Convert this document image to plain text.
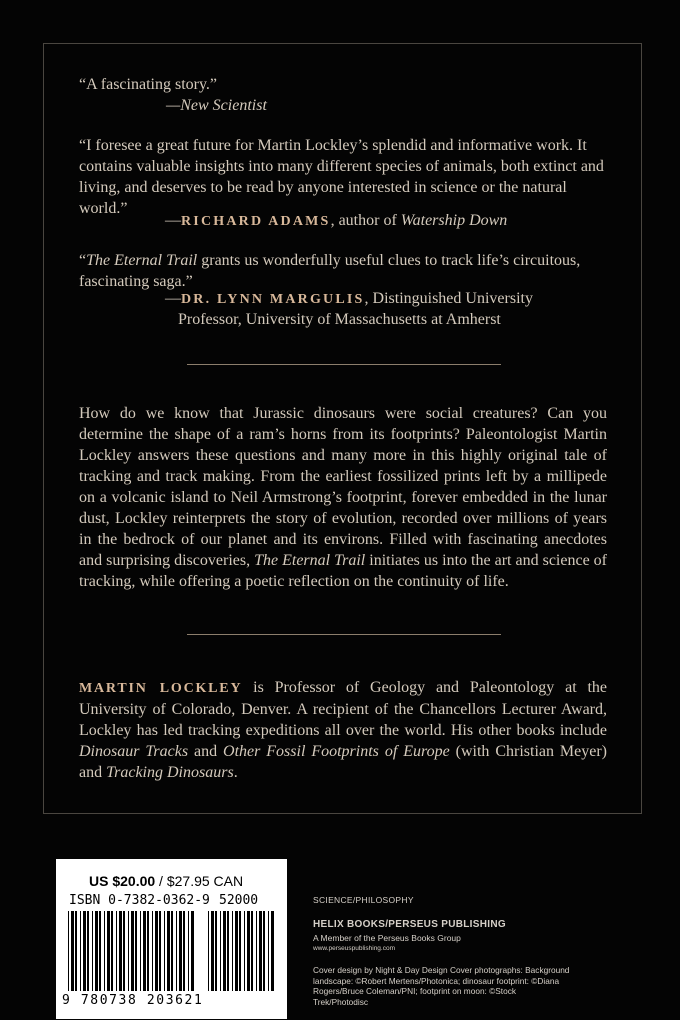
“A fascinating story.”
—New Scientist
“I foresee a great future for Martin Lockley’s splendid and informative work. It contains valuable insights into many different species of animals, both extinct and living, and deserves to be read by anyone interested in science or the natural world.”
—RICHARD ADAMS, author of Watership Down
“The Eternal Trail grants us wonderfully useful clues to track life’s circuitous, fascinating saga.”
—DR. LYNN MARGULIS, Distinguished University
Professor, University of Massachusetts at Amherst
How do we know that Jurassic dinosaurs were social creatures? Can you determine the shape of a ram’s horns from its footprints? Paleontologist Martin Lockley answers these questions and many more in this highly original tale of tracking and track making. From the earliest fossilized prints left by a millipede on a volcanic island to Neil Armstrong’s footprint, forever embedded in the lunar dust, Lockley reinterprets the story of evolution, recorded over millions of years in the bedrock of our planet and its environs. Filled with fascinating anecdotes and surprising discoveries, The Eternal Trail initiates us into the art and science of tracking, while offering a poetic reflection on the continuity of life.
MARTIN LOCKLEY is Professor of Geology and Paleontology at the University of Colorado, Denver. A recipient of the Chancellors Lecturer Award, Lockley has led tracking expeditions all over the world. His other books include Dinosaur Tracks and Other Fossil Footprints of Europe (with Christian Meyer) and Tracking Dinosaurs.
US $20.00 / $27.95 CAN
ISBN 0-7382-0362-9 52000
9 780738 203621
SCIENCE/PHILOSOPHY
HELIX BOOKS/PERSEUS PUBLISHING
A Member of the Perseus Books Group
www.perseuspublishing.com
Cover design by Night & Day Design Cover photographs: Background landscape: ©Robert Mertens/Photonica; dinosaur footprint: ©Diana Rogers/Bruce Coleman/PNI; footprint on moon: ©Stock Trek/Photodisc
